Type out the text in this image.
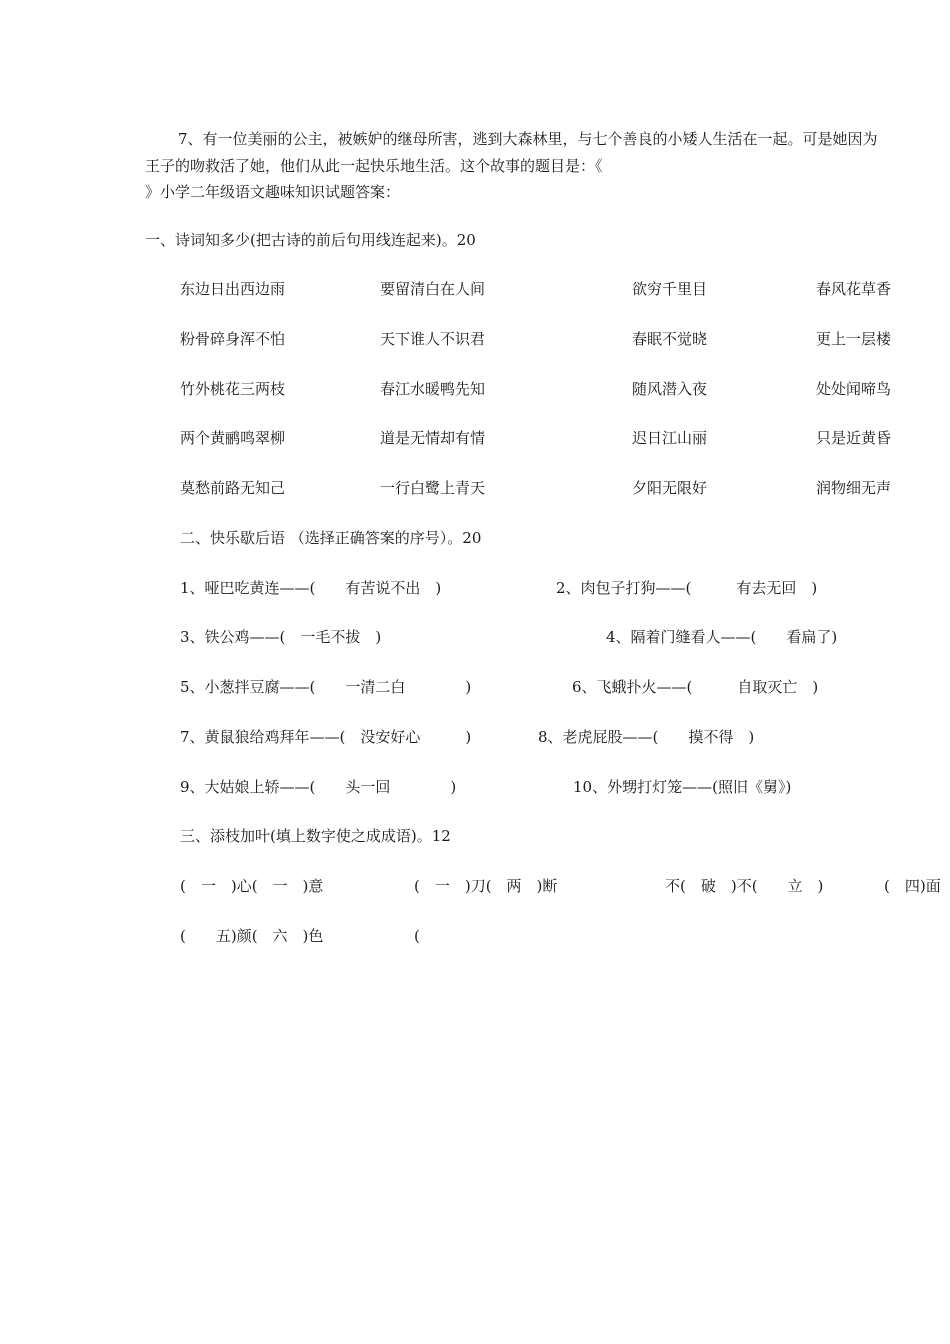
7、有一位美丽的公主，被嫉妒的继母所害，逃到大森林里，与七个善良的小矮人生活在一起。可是她因为
王子的吻救活了她，他们从此一起快乐地生活。这个故事的题目是：《
》小学二年级语文趣味知识试题答案：
一、诗词知多少(把古诗的前后句用线连起来)。20
东边日出西边雨	要留清白在人间	欲穷千里目	春风花草香
粉骨碎身浑不怕	天下谁人不识君	春眠不觉晓	更上一层楼
竹外桃花三两枝	春江水暖鸭先知	随风潜入夜	处处闻啼鸟
两个黄鹂鸣翠柳	道是无情却有情	迟日江山丽	只是近黄昏
莫愁前路无知己	一行白鹭上青天	夕阳无限好	润物细无声
二、快乐歇后语 （选择正确答案的序号）。20
1、哑巴吃黄连——(　　有苦说不出　)	2、肉包子打狗——(　　　有去无回　)
3、铁公鸡——(　一毛不拔　)	4、隔着门缝看人——(　　看扁了)
5、小葱拌豆腐——(　　一清二白　　　　)	6、飞蛾扑火——(　　　自取灭亡　)
7、黄鼠狼给鸡拜年——(　没安好心　　　)	8、老虎屁股——(　　摸不得　)
9、大姑娘上轿——(　　头一回　　　　)	10、外甥打灯笼——(照旧《舅》)
三、添枝加叶(填上数字使之成成语)。12
(　一　)心(　一　)意	(　一　)刀(　两　)断	不(　破　)不(　　立　)	(　四)面
(　　五)颜(　六　)色	(
